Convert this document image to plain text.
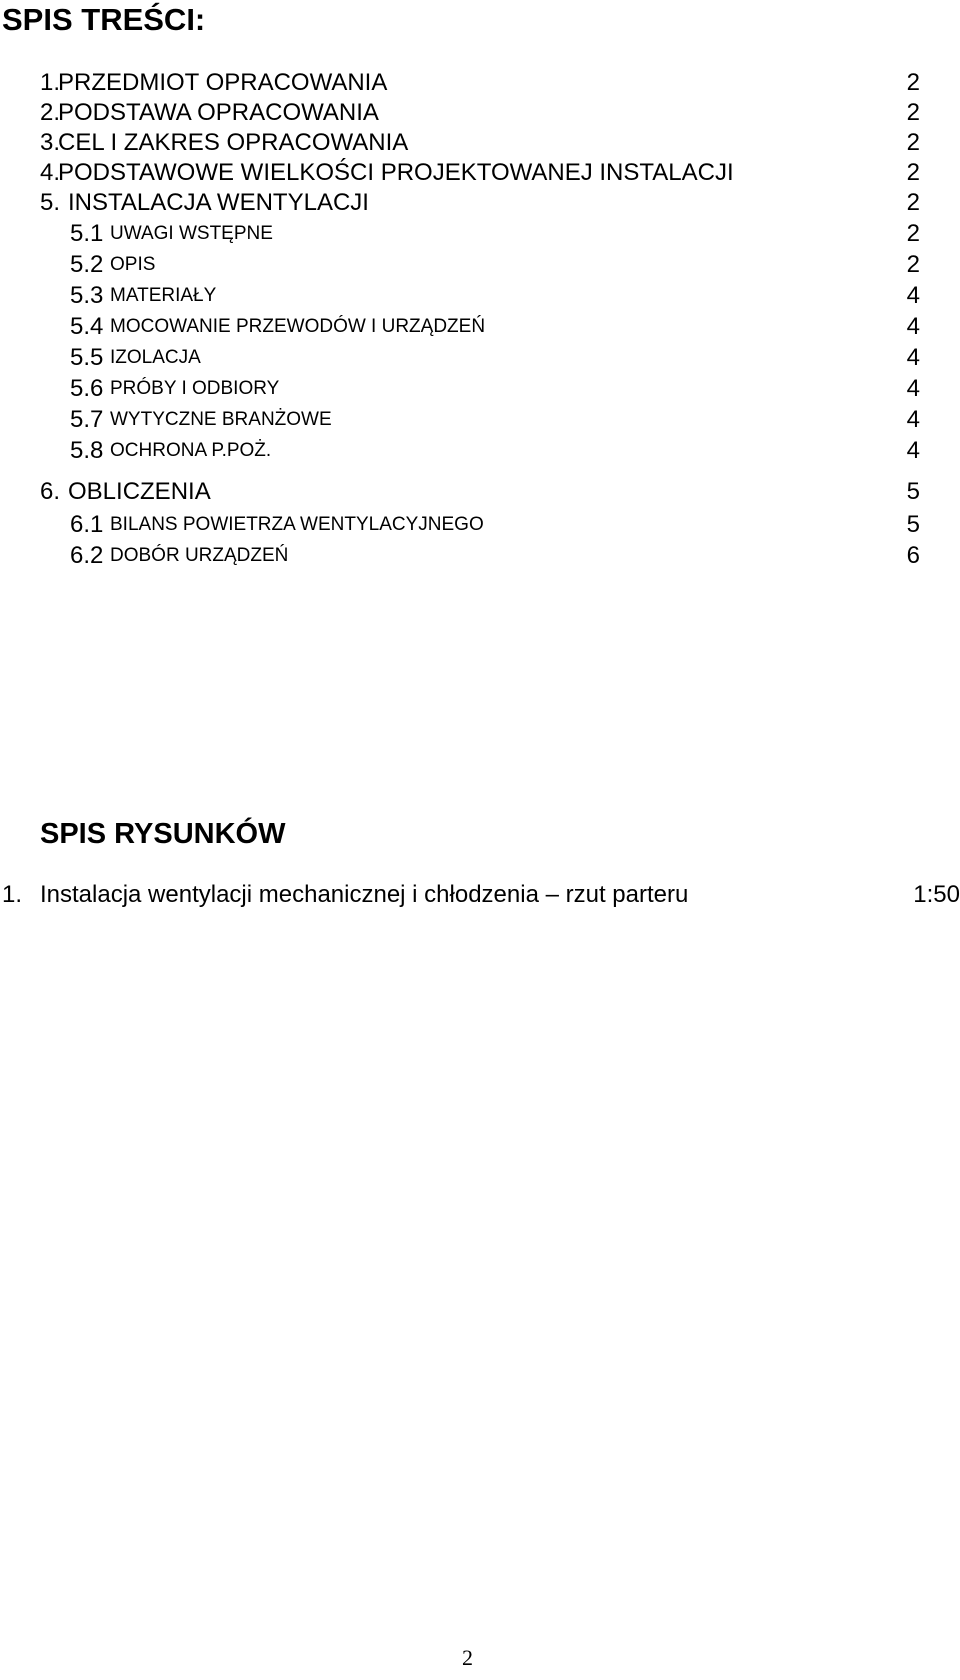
SPIS TREŚCI:
1.
PRZEDMIOT OPRACOWANIA	2
2.
PODSTAWA OPRACOWANIA	2
3.
CEL I ZAKRES OPRACOWANIA	2
4.
PODSTAWOWE WIELKOŚCI PROJEKTOWANEJ INSTALACJI	2
5. INSTALACJA WENTYLACJI	2
5.1 UWAGI WSTĘPNE	2
5.2 OPIS	2
5.3 MATERIAŁY	4
5.4 MOCOWANIE PRZEWODÓW I URZĄDZEŃ	4
5.5 IZOLACJA	4
5.6 PRÓBY I ODBIORY	4
5.7 WYTYCZNE BRANŻOWE	4
5.8 OCHRONA P.POŻ.	4
6. OBLICZENIA	5
6.1 BILANS POWIETRZA WENTYLACYJNEGO	5
6.2 DOBÓR URZĄDZEŃ	6
SPIS RYSUNKÓW
1. Instalacja wentylacji mechanicznej i chłodzenia – rzut parteru	1:50
2
